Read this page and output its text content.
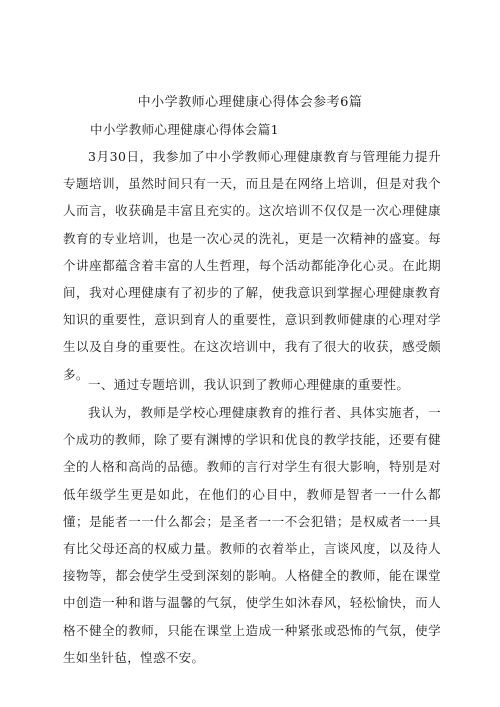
中小学教师心理健康心得体会参考6篇
中小学教师心理健康心得体会篇1

3月30日，我参加了中小学教师心理健康教育与管理能力提升专题培训，虽然时间只有一天，而且是在网络上培训，但是对我个人而言，收获确是丰富且充实的。这次培训不仅仅是一次心理健康教育的专业培训，也是一次心灵的洗礼，更是一次精神的盛宴。每个讲座都蕴含着丰富的人生哲理，每个活动都能净化心灵。在此期间，我对心理健康有了初步的了解，使我意识到掌握心理健康教育知识的重要性，意识到育人的重要性，意识到教师健康的心理对学生以及自身的重要性。在这次培训中，我有了很大的收获，感受颇多。

一、通过专题培训，我认识到了教师心理健康的重要性。

我认为，教师是学校心理健康教育的推行者、具体实施者，一个成功的教师，除了要有渊博的学识和优良的教学技能，还要有健全的人格和高尚的品德。教师的言行对学生有很大影响，特别是对低年级学生更是如此，在他们的心目中，教师是智者一一什么都懂；是能者一一什么都会；是圣者一一不会犯错；是权威者一一具有比父母还高的权威力量。教师的衣着举止，言谈风度，以及待人接物等，都会使学生受到深刻的影响。人格健全的教师，能在课堂中创造一种和谐与温馨的气氛，使学生如沐春风，轻松愉快，而人格不健全的教师，只能在课堂上造成一种紧张或恐怖的气氛，使学生如坐针毡，惶惑不安。
